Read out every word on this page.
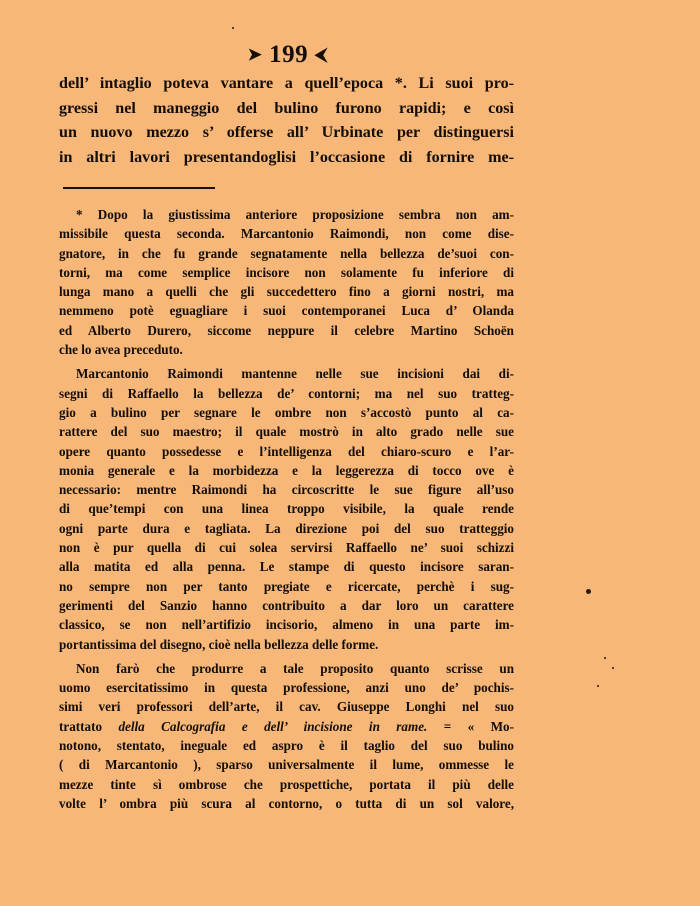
➤ 199 ⮜
dell’ intaglio poteva vantare a quell’epoca *. Li suoi pro-
gressi nel maneggio del bulino furono rapidi; e così
un nuovo mezzo s’ offerse all’ Urbinate per distinguersi
in altri lavori presentandoglisi l’occasione di fornire me-
* Dopo la giustissima anteriore proposizione sembra non am-
missibile questa seconda. Marcantonio Raimondi, non come dise-
gnatore, in che fu grande segnatamente nella bellezza de’suoi con-
torni, ma come semplice incisore non solamente fu inferiore di
lunga mano a quelli che gli succedettero fino a giorni nostri, ma
nemmeno potè eguagliare i suoi contemporanei Luca d’ Olanda
ed Alberto Durero, siccome neppure il celebre Martino Schoën
che lo avea preceduto.
Marcantonio Raimondi mantenne nelle sue incisioni dai di-
segni di Raffaello la bellezza de’ contorni; ma nel suo tratteg-
gio a bulino per segnare le ombre non s’accostò punto al ca-
rattere del suo maestro; il quale mostrò in alto grado nelle sue
opere quanto possedesse e l’intelligenza del chiaro-scuro e l’ar-
monia generale e la morbidezza e la leggerezza di tocco ove è
necessario: mentre Raimondi ha circoscritte le sue figure all’uso
di que’tempi con una linea troppo visibile, la quale rende
ogni parte dura e tagliata. La direzione poi del suo tratteggio
non è pur quella di cui solea servirsi Raffaello ne’ suoi schizzi
alla matita ed alla penna. Le stampe di questo incisore saran-
no sempre non per tanto pregiate e ricercate, perchè i sug-
gerimenti del Sanzio hanno contribuito a dar loro un carattere
classico, se non nell’artifizio incisorio, almeno in una parte im-
portantissima del disegno, cioè nella bellezza delle forme.
Non farò che produrre a tale proposito quanto scrisse un
uomo esercitatissimo in questa professione, anzi uno de’ pochis-
simi veri professori dell’arte, il cav. Giuseppe Longhi nel suo
trattato della Calcografia e dell’ incisione in rame. = « Mo-
notono, stentato, ineguale ed aspro è il taglio del suo bulino
( di Marcantonio ), sparso universalmente il lume, ommesse le
mezze tinte sì ombrose che prospettiche, portata il più delle
volte l’ ombra più scura al contorno, o tutta di un sol valore,
